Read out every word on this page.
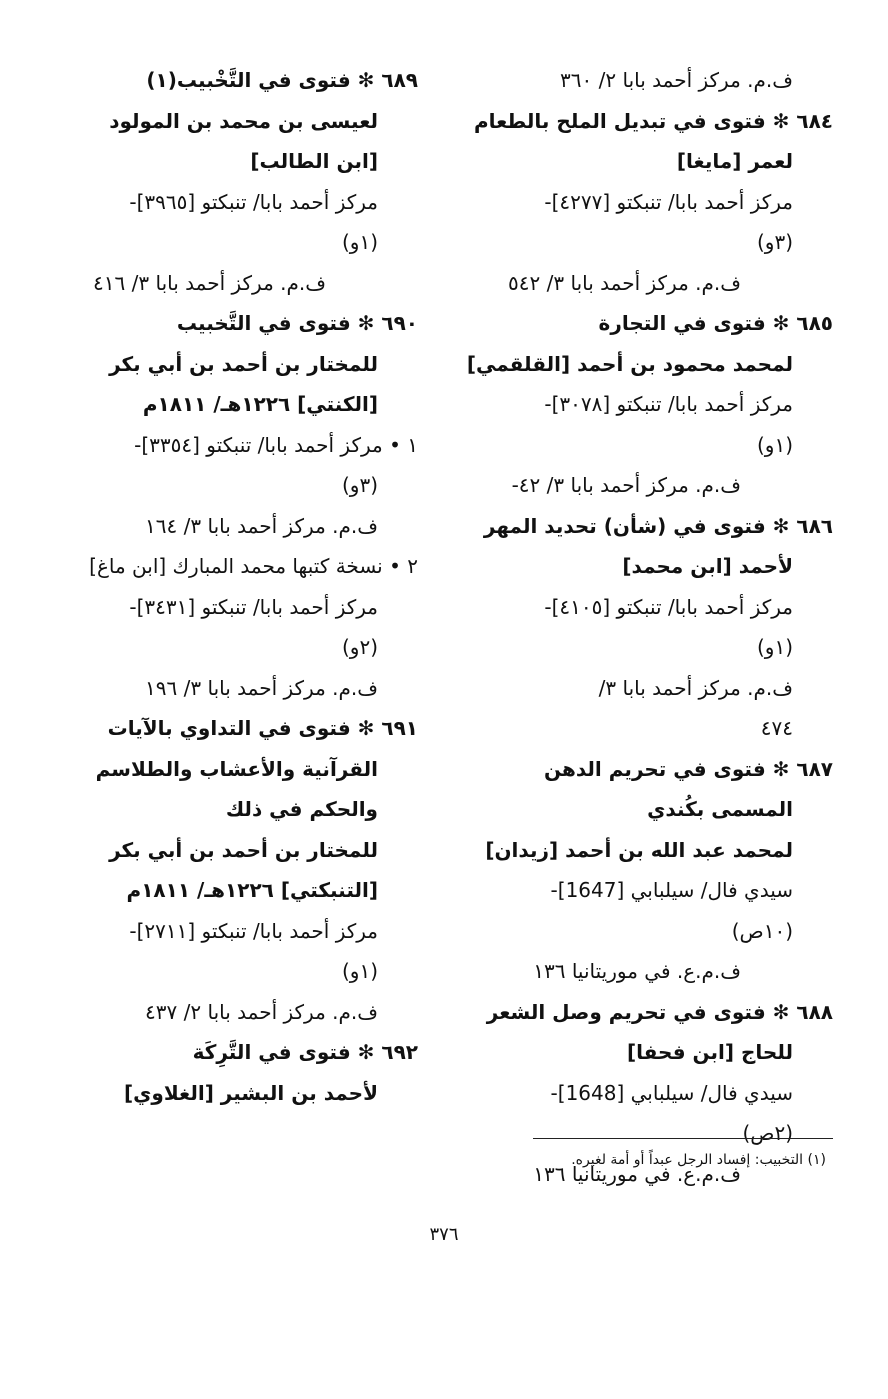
ف.م. مركز أحمد بابا ٢/ ٣٦٠
٦٨٤ ✻ فتوى في تبديل الملح بالطعام
لعمر [مايغا]
مركز أحمد بابا/ تنبكتو [٤٢٧٧]-
(٣و)
ف.م. مركز أحمد بابا ٣/ ٥٤٢
٦٨٥ ✻ فتوى في التجارة
لمحمد محمود بن أحمد [القلقمي]
مركز أحمد بابا/ تنبكتو [٣٠٧٨]-
(١و)
ف.م. مركز أحمد بابا ٣/ ٤٢-
٦٨٦ ✻ فتوى في (شأن) تحديد المهر
لأحمد [ابن محمد]
مركز أحمد بابا/ تنبكتو [٤١٠٥]-
(١و)
ف.م. مركز أحمد بابا ٣/
٤٧٤
٦٨٧ ✻ فتوى في تحريم الدهن
المسمى بكُندي
لمحمد عبد الله بن أحمد [زيدان]
سيدي فال/ سيلبابي [1647]-
(١٠ص)
ف.م.ع. في موريتانيا ١٣٦
٦٨٨ ✻ فتوى في تحريم وصل الشعر
للحاج [ابن فحفا]
سيدي فال/ سيلبابي [1648]-
(٢ص)
ف.م.ع. في موريتانيا ١٣٦
٦٨٩ ✻ فتوى في التَّخْبيب(١)
لعيسى بن محمد بن المولود
[ابن الطالب]
مركز أحمد بابا/ تنبكتو [٣٩٦٥]-
(١و)
ف.م. مركز أحمد بابا ٣/ ٤١٦
٦٩٠ ✻ فتوى في التَّخبيب
للمختار بن أحمد بن أبي بكر
[الكنتي] ١٢٢٦هـ/ ١٨١١م
١ • مركز أحمد بابا/ تنبكتو [٣٣٥٤]-
(٣و)
ف.م. مركز أحمد بابا ٣/ ١٦٤
٢ • نسخة كتبها محمد المبارك [ابن ماغ]
مركز أحمد بابا/ تنبكتو [٣٤٣١]-
(٢و)
ف.م. مركز أحمد بابا ٣/ ١٩٦
٦٩١ ✻ فتوى في التداوي بالآيات
القرآنية والأعشاب والطلاسم
والحكم في ذلك
للمختار بن أحمد بن أبي بكر
[التنبكتي] ١٢٢٦هـ/ ١٨١١م
مركز أحمد بابا/ تنبكتو [٢٧١١]-
(١و)
ف.م. مركز أحمد بابا ٢/ ٤٣٧
٦٩٢ ✻ فتوى في التَّرِكَة
لأحمد بن البشير [الغلاوي]
(١) التخبيب: إفساد الرجل عبداً أو أمة لغيره.
٣٧٦
